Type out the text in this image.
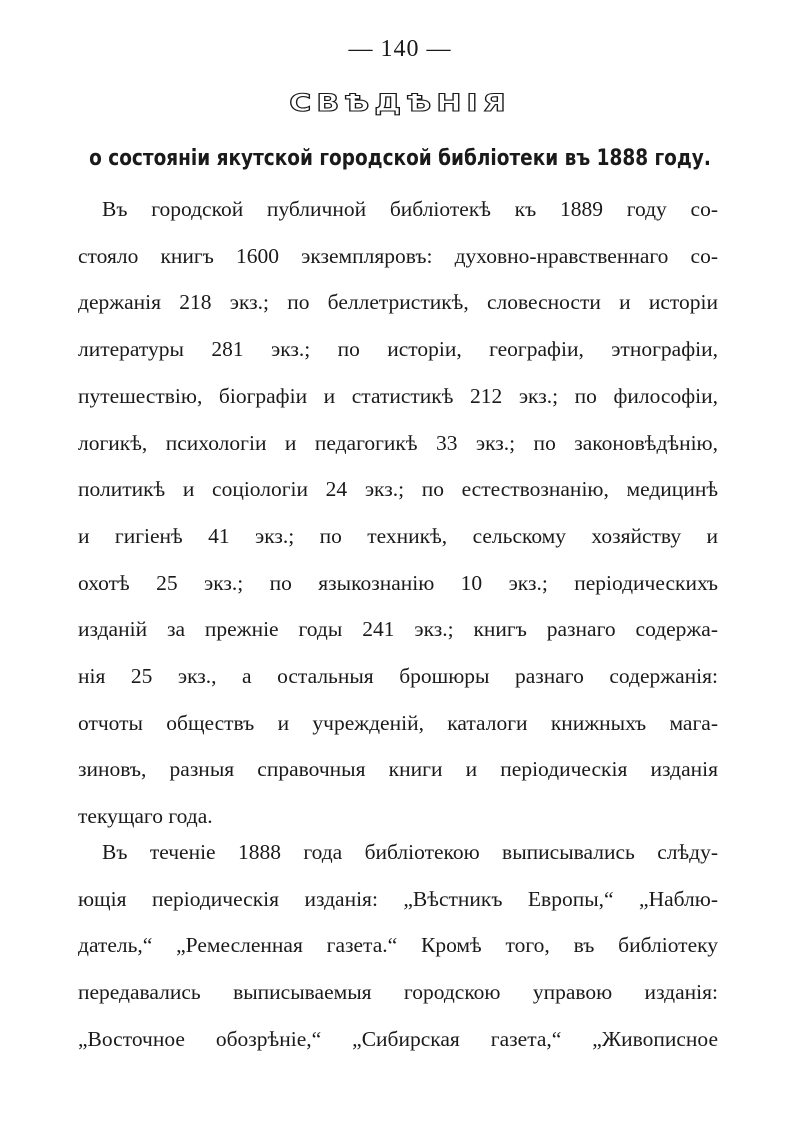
— 140 —
СВѢДѢНІЯ
о состояніи якутской городской библіотеки въ 1888 году.
Въ городской публичной библіотекѣ къ 1889 году со-
стояло книгъ 1600 экземпляровъ: духовно-нравственнаго со-
держанія 218 экз.; по беллетристикѣ, словесности и исторіи
литературы 281 экз.; по исторіи, географіи, этнографіи,
путешествію, біографіи и статистикѣ 212 экз.; по философіи,
логикѣ, психологіи и педагогикѣ 33 экз.; по законовѣдѣнію,
политикѣ и соціологіи 24 экз.; по естествознанію, медицинѣ
и гигіенѣ 41 экз.; по техникѣ, сельскому хозяйству и
охотѣ 25 экз.; по языкознанію 10 экз.; періодическихъ
изданій за прежніе годы 241 экз.; книгъ разнаго содержа-
нія 25 экз., а остальныя брошюры разнаго содержанія:
отчоты обществъ и учрежденій, каталоги книжныхъ мага-
зиновъ, разныя справочныя книги и періодическія изданія
текущаго года.
Въ теченіе 1888 года библіотекою выписывались слѣду-
ющія періодическія изданія: „Вѣстникъ Европы,“ „Наблю-
датель,“ „Ремесленная газета.“ Кромѣ того, въ библіотеку
передавались выписываемыя городскою управою изданія:
„Восточное обозрѣніе,“ „Сибирская газета,“ „Живописное
